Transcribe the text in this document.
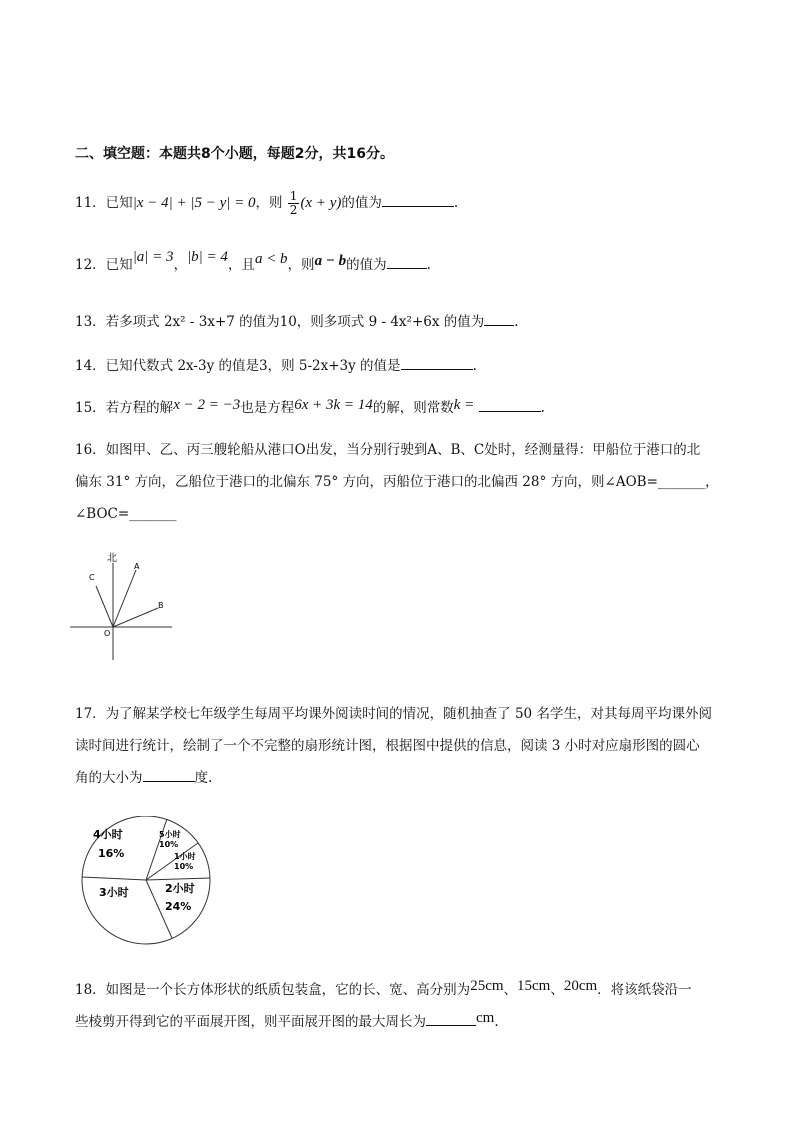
二、填空题：本题共8个小题，每题2分，共16分。
11．已知|x − 4| + |5 − y| = 0，则 $\frac{1}{2} (x + y)$的值为	.
12．已知|a| = 3，|b| = 4，且a < b，则a − b的值为	.
13．若多项式 2x² - 3x+7 的值为10，则多项式 9 - 4x²+6x 的值为 .
14．已知代数式 2x-3y 的值是3，则 5-2x+3y 的值是	.
15．若方程的解x − 2 = −3也是方程6x + 3k = 14的解，则常数k =	.
16．如图甲、乙、丙三艘轮船从港口O出发，当分别行驶到A、B、C处时，经测量得：甲船位于港口的北
偏东 31° 方向，乙船位于港口的北偏东 75° 方向，丙船位于港口的北偏西 28° 方向，则∠AOB=_______，
∠BOC=_______
北
A
B
C
O
17．为了解某学校七年级学生每周平均课外阅读时间的情况，随机抽查了 50 名学生，对其每周平均课外阅
读时间进行统计，绘制了一个不完整的扇形统计图，根据图中提供的信息，阅读 3 小时对应扇形图的圆心
角的大小为	度.
4小时
16%
5小时
10%
1小时
10%
2小时
24%
3小时
18．如图是一个长方体形状的纸质包装盒，它的长、宽、高分别为25cm、15cm、20cm．将该纸袋沿一
些棱剪开得到它的平面展开图，则平面展开图的最大周长为	cm.
